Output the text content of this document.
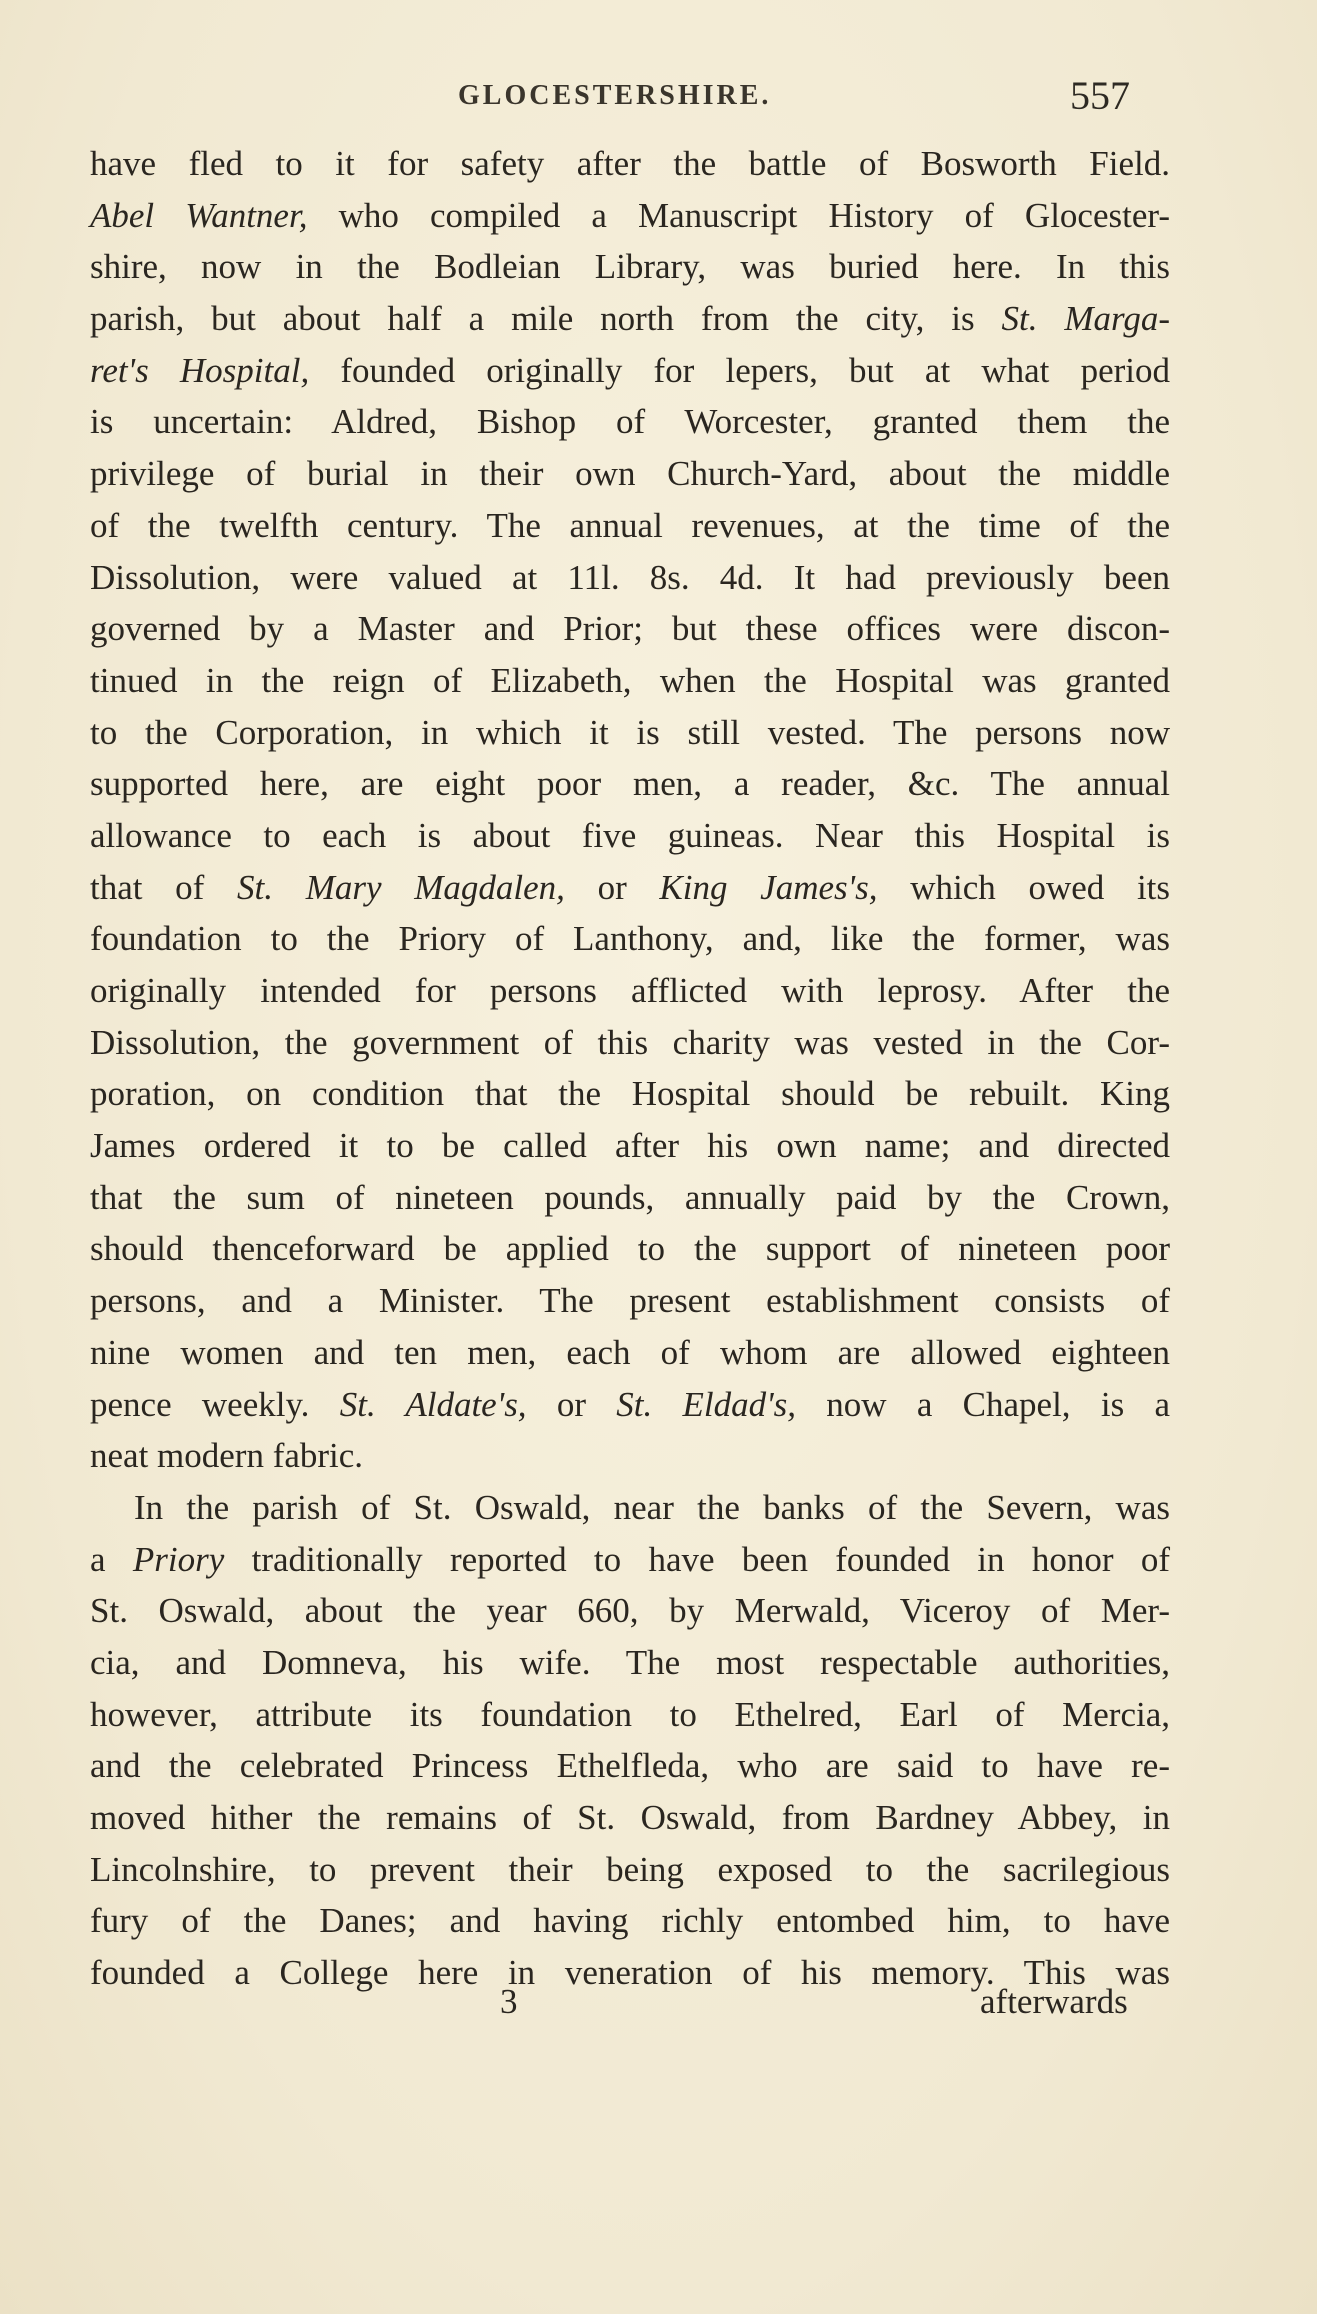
GLOCESTERSHIRE.	557
have fled to it for safety after the battle of Bosworth Field.
Abel Wantner, who compiled a Manuscript History of Glocester-
shire, now in the Bodleian Library, was buried here. In this
parish, but about half a mile north from the city, is St. Marga-
ret's Hospital, founded originally for lepers, but at what period
is uncertain: Aldred, Bishop of Worcester, granted them the
privilege of burial in their own Church-Yard, about the middle
of the twelfth century. The annual revenues, at the time of the
Dissolution, were valued at 11l. 8s. 4d. It had previously been
governed by a Master and Prior; but these offices were discon-
tinued in the reign of Elizabeth, when the Hospital was granted
to the Corporation, in which it is still vested. The persons now
supported here, are eight poor men, a reader, &c. The annual
allowance to each is about five guineas. Near this Hospital is
that of St. Mary Magdalen, or King James's, which owed its
foundation to the Priory of Lanthony, and, like the former, was
originally intended for persons afflicted with leprosy. After the
Dissolution, the government of this charity was vested in the Cor-
poration, on condition that the Hospital should be rebuilt. King
James ordered it to be called after his own name; and directed
that the sum of nineteen pounds, annually paid by the Crown,
should thenceforward be applied to the support of nineteen poor
persons, and a Minister. The present establishment consists of
nine women and ten men, each of whom are allowed eighteen
pence weekly. St. Aldate's, or St. Eldad's, now a Chapel, is a
neat modern fabric.
In the parish of St. Oswald, near the banks of the Severn, was
a Priory traditionally reported to have been founded in honor of
St. Oswald, about the year 660, by Merwald, Viceroy of Mer-
cia, and Domneva, his wife. The most respectable authorities,
however, attribute its foundation to Ethelred, Earl of Mercia,
and the celebrated Princess Ethelfleda, who are said to have re-
moved hither the remains of St. Oswald, from Bardney Abbey, in
Lincolnshire, to prevent their being exposed to the sacrilegious
fury of the Danes; and having richly entombed him, to have
founded a College here in veneration of his memory. This was
3	afterwards
